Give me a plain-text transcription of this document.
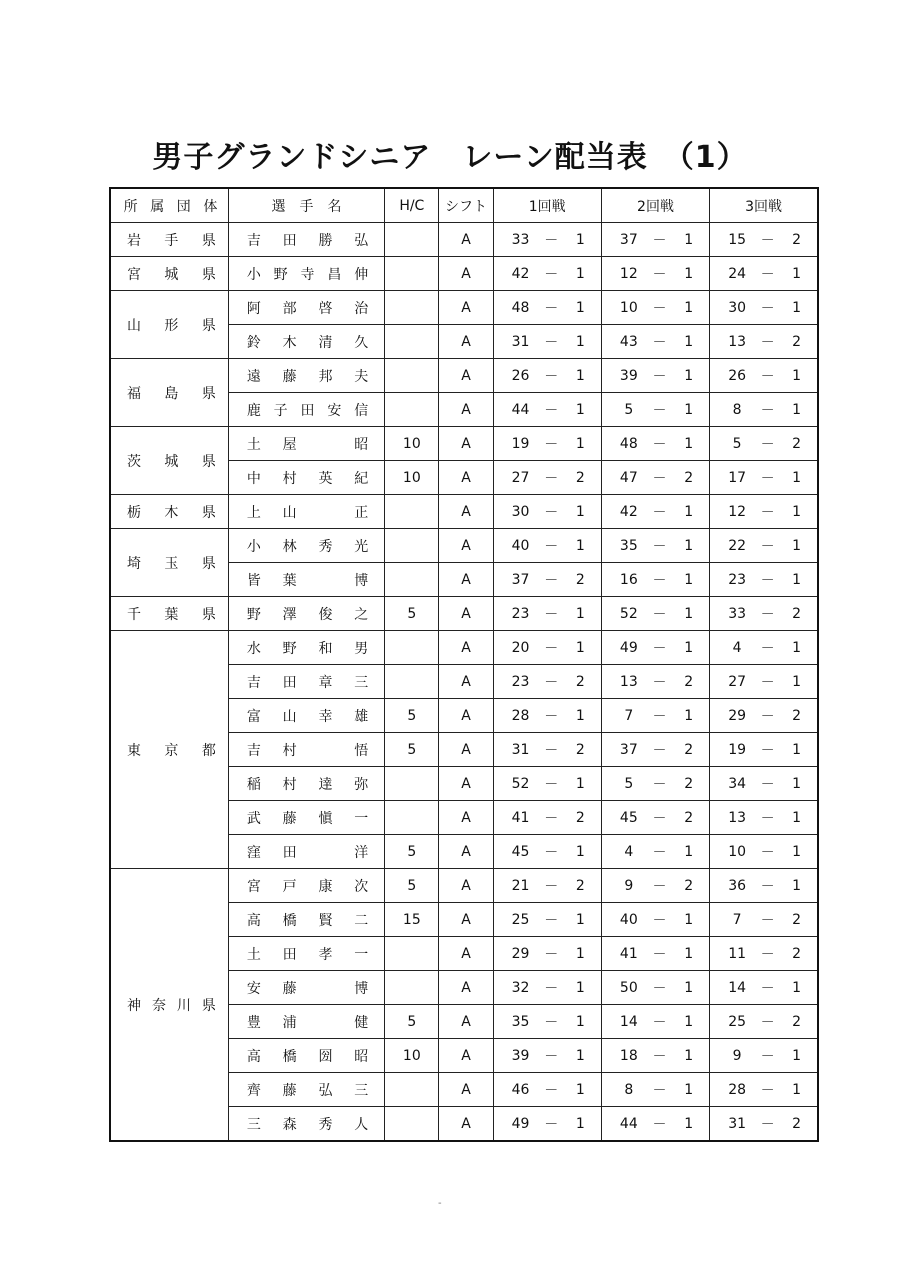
男子グランドシニア　レーン配当表　（1）
所属団体	選　手　名	H/C	シフト	1回戦	2回戦	3回戦
岩手県	吉田勝弘		A	33 － 1	37 － 1	15 － 2

宮城県	小野寺昌伸		A	42 － 1	12 － 1	24 － 1

山形県	阿部啓治		A	48 － 1	10 － 1	30 － 1

	鈴木清久		A	31 － 1	43 － 1	13 － 2

福島県	遠藤邦夫		A	26 － 1	39 － 1	26 － 1

	鹿子田安信		A	44 － 1	5 － 1	8 － 1

茨城県	土屋　昭	10	A	19 － 1	48 － 1	5 － 2

	中村英紀	10	A	27 － 2	47 － 2	17 － 1

栃木県	上山　正		A	30 － 1	42 － 1	12 － 1

埼玉県	小林秀光		A	40 － 1	35 － 1	22 － 1

	皆葉　博		A	37 － 2	16 － 1	23 － 1

千葉県	野澤俊之	5	A	23 － 1	52 － 1	33 － 2

東京都	水野和男		A	20 － 1	49 － 1	4 － 1

	吉田章三		A	23 － 2	13 － 2	27 － 1

	富山幸雄	5	A	28 － 1	7 － 1	29 － 2

	吉村　悟	5	A	31 － 2	37 － 2	19 － 1

	稲村達弥		A	52 － 1	5 － 2	34 － 1

	武藤愼一		A	41 － 2	45 － 2	13 － 1

	窪田　洋	5	A	45 － 1	4 － 1	10 － 1

神奈川県	宮戸康次	5	A	21 － 2	9 － 2	36 － 1

	高橋賢二	15	A	25 － 1	40 － 1	7 － 2

	土田孝一		A	29 － 1	41 － 1	11 － 2

	安藤　博		A	32 － 1	50 － 1	14 － 1

	豊浦　健	5	A	35 － 1	14 － 1	25 － 2

	高橋圀昭	10	A	39 － 1	18 － 1	9 － 1

	齊藤弘三		A	46 － 1	8 － 1	28 － 1

	三森秀人		A	49 － 1	44 － 1	31 － 2
-
